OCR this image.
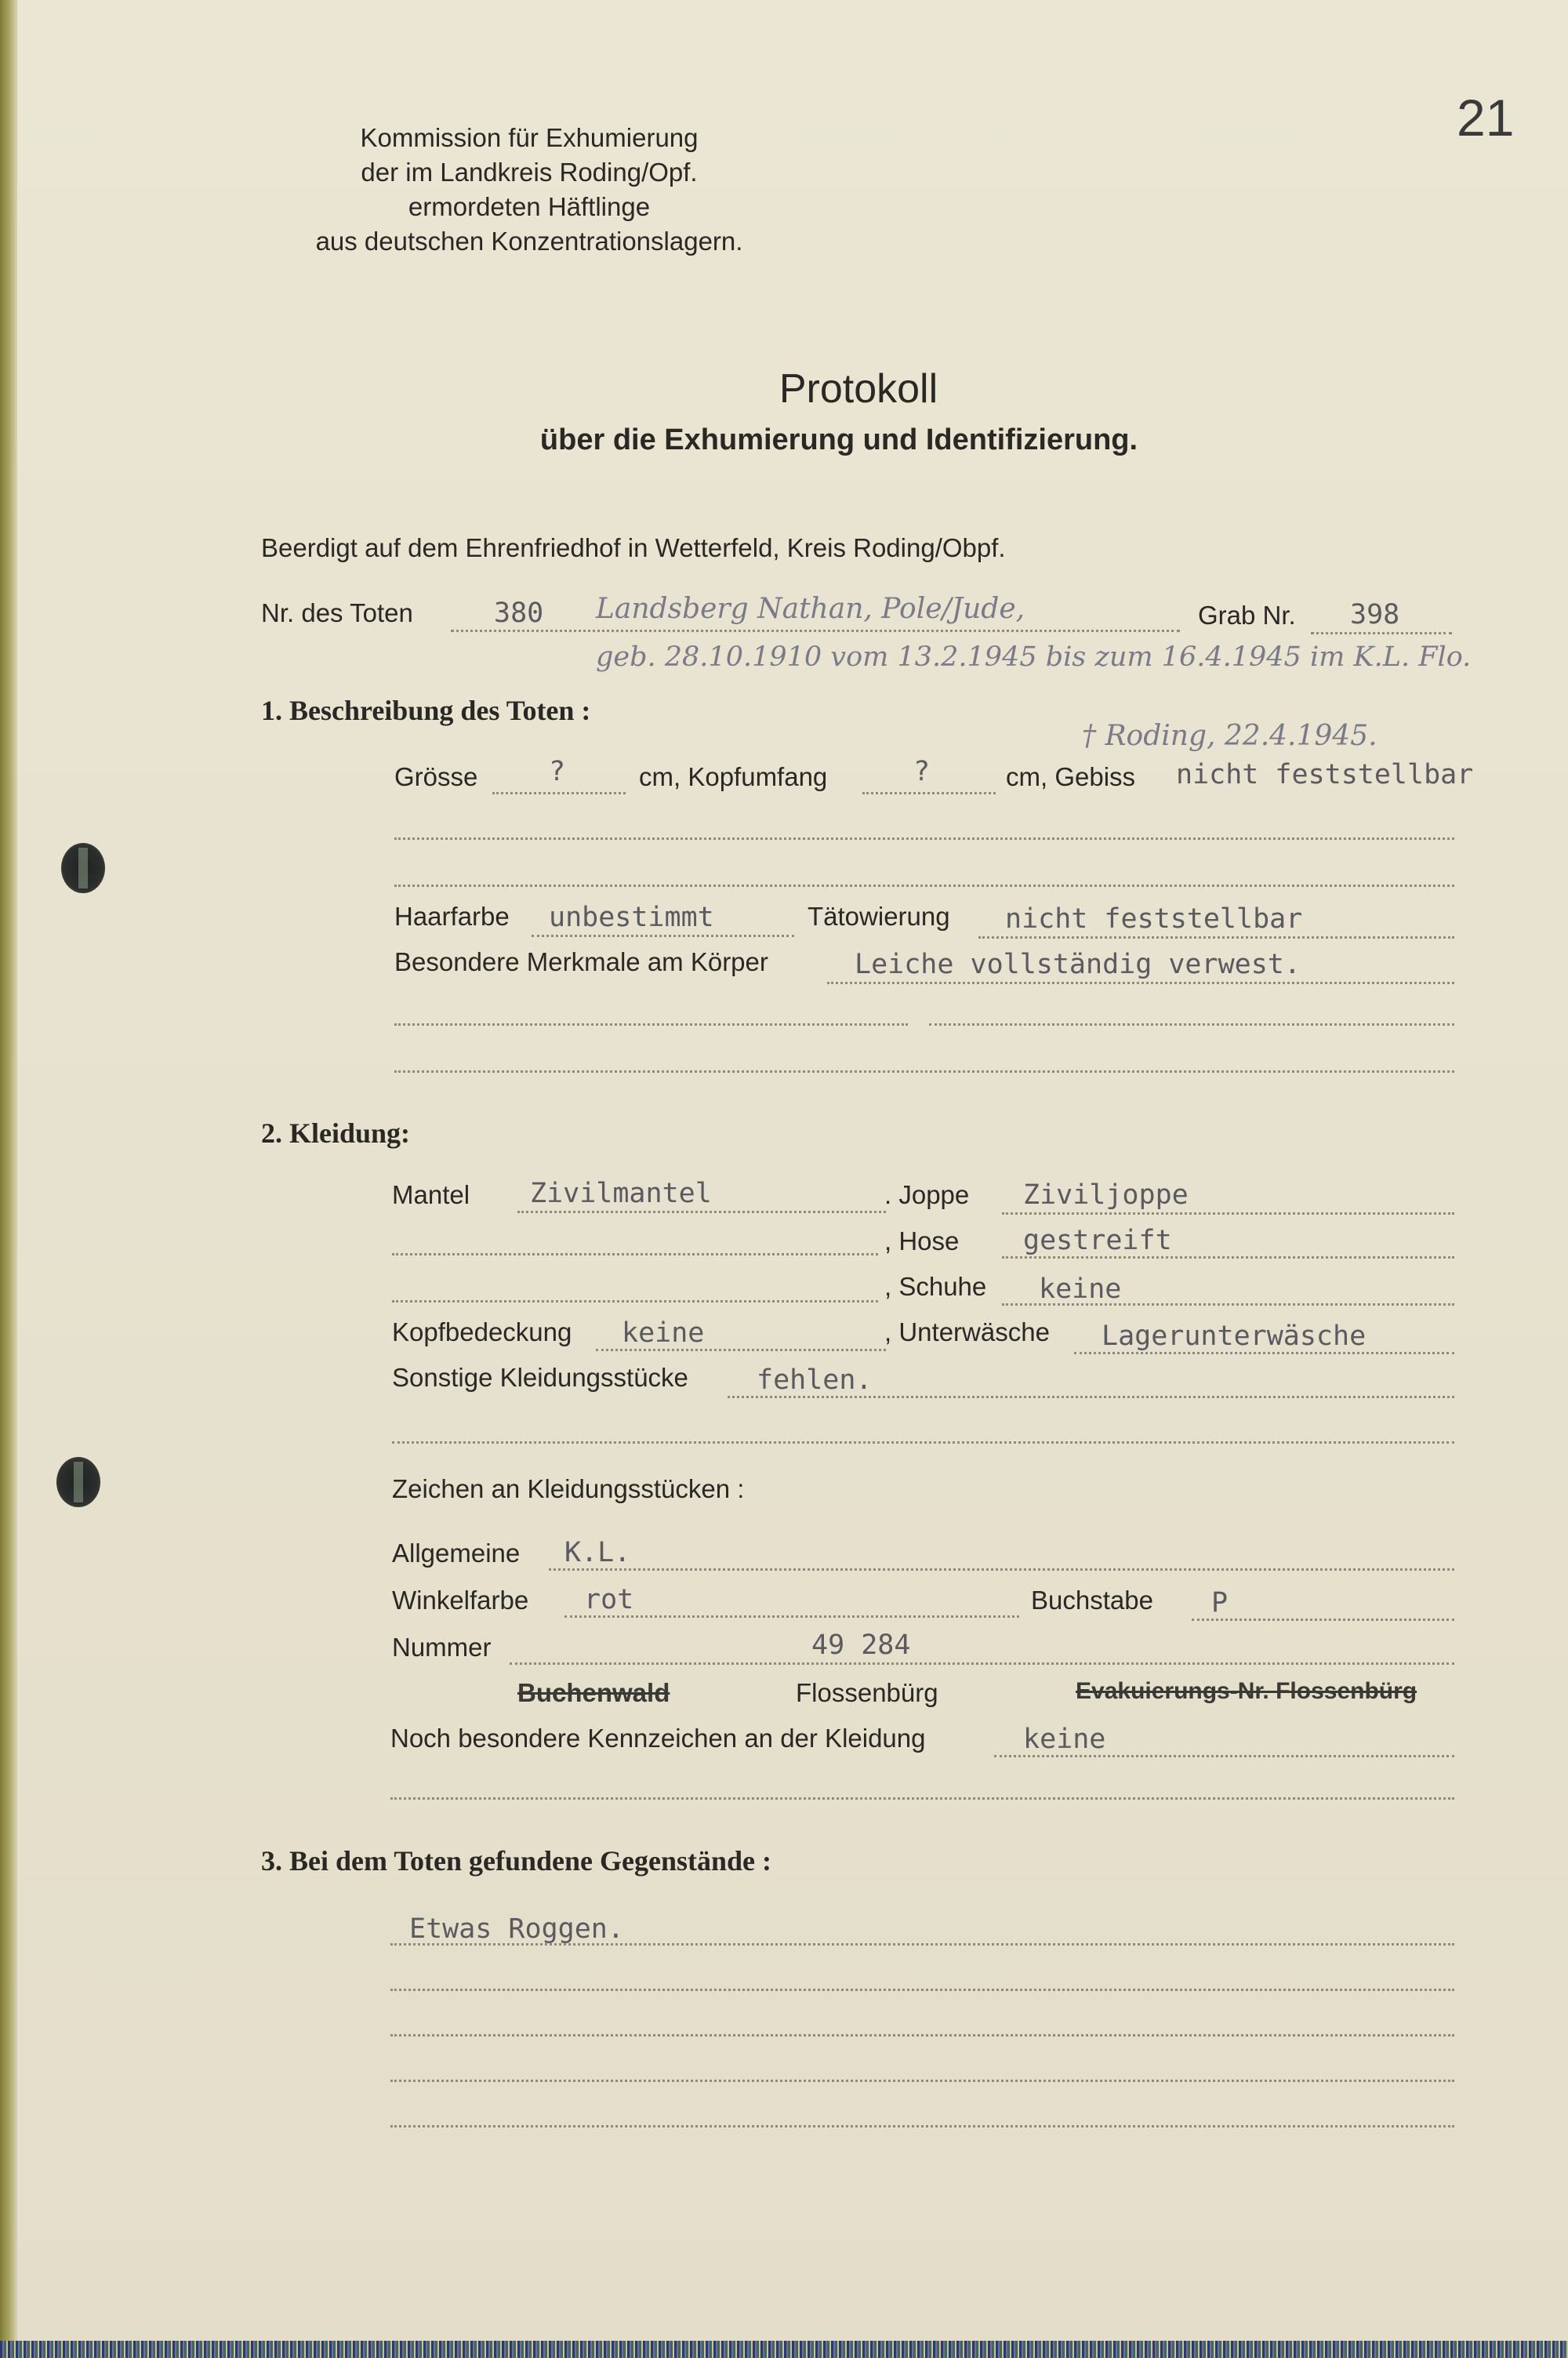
21
Kommission für Exhumierung
der im Landkreis Roding/Opf.
ermordeten Häftlinge
aus deutschen Konzentrationslagern.
Protokoll
über die Exhumierung und Identifizierung.
Beerdigt auf dem Ehrenfriedhof in Wetterfeld, Kreis Roding/Obpf.
Nr. des Toten	380 Landsberg Nathan, Pole/Jude,	Grab Nr. 398
geb. 28.10.1910 vom 13.2.1945 bis zum 16.4.1945 im K.L. Flo.
1. Beschreibung des Toten :
† Roding, 22.4.1945.
Grösse	?	cm, Kopfumfang	?	cm, Gebiss nicht feststellbar
Haarfarbe unbestimmt	Tätowierung nicht feststellbar
Besondere Merkmale am Körper	Leiche vollständig verwest.
2. Kleidung:
Mantel Zivilmantel	. Joppe Ziviljoppe
, Hose gestreift
, Schuhe keine
Kopfbedeckung keine	, Unterwäsche Lagerunterwäsche
Sonstige Kleidungsstücke fehlen.
Zeichen an Kleidungsstücken :
Allgemeine K.L.
Winkelfarbe rot	Buchstabe P
Nummer	49 284
Buchenwald	Flossenbürg	Evakuierungs-Nr. Flossenbürg
Noch besondere Kennzeichen an der Kleidung	keine
3. Bei dem Toten gefundene Gegenstände :
Etwas Roggen.
